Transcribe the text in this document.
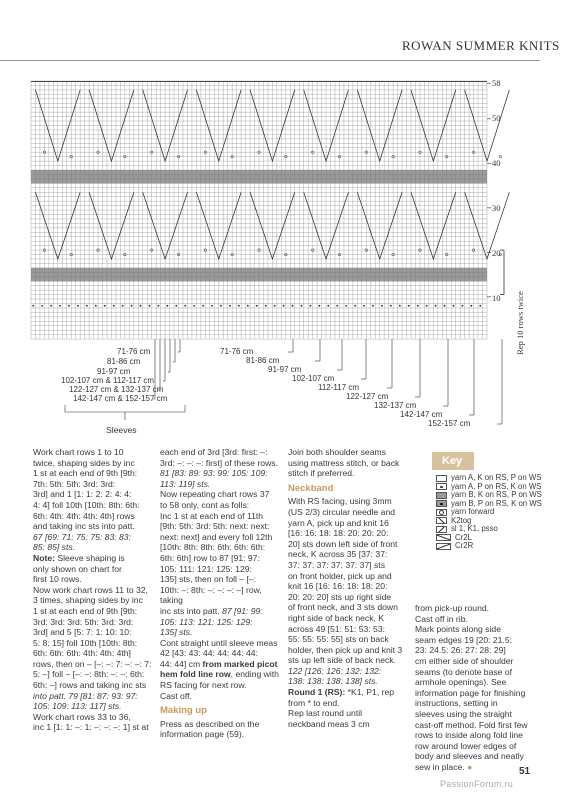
ROWAN SUMMER KNITS
58
50
40
30
20
10 Rep 10 rows twice
71-76 cm
81-86 cm
91-97 cm
102-107 cm & 112-117 cm
122-127 cm & 132-137 cm
142-147 cm & 152-157 cm
Sleeves
71-76 cm
81-86 cm
91-97 cm
102-107 cm
112-117 cm
122-127 cm
132-137 cm
142-147 cm
152-157 cm

Work chart rows 1 to 10

twice, shaping sides by inc

1 st at each end of 9th [9th:

7th: 5th: 5th: 3rd: 3rd:

3rd] and 1 [1: 1: 2: 2: 4: 4:

4: 4] foll 10th [10th: 8th: 6th:

6th: 4th: 4th: 4th: 4th] rows

and taking inc sts into patt.

67 [69: 71: 75: 75: 83: 83:

85: 85] sts.

Note: Sleeve shaping is

only shown on chart for

first 10 rows.

Now work chart rows 11 to 32,

3 times, shaping sides by inc

1 st at each end of 9th [9th:

3rd: 3rd: 3rd: 5th: 3rd: 3rd:

3rd] and 5 [5: 7: 1: 10: 10:

5: 8: 15] foll 10th [10th: 8th:

6th: 6th: 6th: 4th: 4th: 4th]

rows, then on – [–: –: 7: –: –: 7:

5: –] foll – [–: –: 8th: –: –: 6th:

6th: –] rows and taking inc sts

into patt. 79 [81: 87: 93: 97:

105: 109: 113: 117] sts.

Work chart rows 33 to 36,

inc 1 [1: 1: –: 1: –: –: –: 1] st at

each end of 3rd [3rd: first: –:

3rd: –: –: –: first] of these rows.

81 [83: 89: 93: 99: 105: 109:

113: 119] sts.

Now repeating chart rows 37

to 58 only, cont as folls:

Inc 1 st at each end of 11th

[9th: 5th: 3rd: 5th: next: next:

next: next] and every foll 12th

[10th: 8th: 8th: 6th: 6th: 6th:

6th: 6th] row to 87 [91: 97:

105: 111: 121: 125: 129:

135] sts, then on foll – [–:

10th: –: 8th: –: –: –: –] row, taking

inc sts into patt. 87 [91: 99:

105: 113: 121: 125: 129:

135] sts.

Cont straight until sleeve meas

42 [43: 43: 44: 44: 44: 44:

44: 44] cm from marked picot

hem fold line row, ending with

RS facing for next row.

Cast off.

Making up

Press as described on the

information page (59).

Join both shoulder seams

using mattress stitch, or back

stitch if preferred.

Neckband

With RS facing, using 3mm

(US 2/3) circular needle and

yarn A, pick up and knit 16

[16: 16: 18: 18: 20: 20: 20:

20] sts down left side of front

neck, K across 35 [37: 37:

37: 37: 37: 37: 37: 37] sts

on front holder, pick up and

knit 16 [16: 16: 18: 18: 20:

20: 20: 20] sts up right side

of front neck, and 3 sts down

right side of back neck, K

across 49 [51: 51: 53: 53:

55: 55: 55: 55] sts on back

holder, then pick up and knit 3

sts up left side of back neck.

122 [126: 126: 132: 132:

138: 138: 138: 138] sts.

Round 1 (RS): *K1, P1, rep

from * to end.

Rep last round until

neckband meas 3 cm

Key
yarn A, K on RS, P on WS
yarn A, P on RS, K on WS
yarn B, K on RS, P on WS
yarn B, P on RS, K on WS
yarn forward
K2tog
sl 1, K1, psso
Cr2L
Cr2R

from pick-up round.

Cast off in rib.

Mark points along side

seam edges 19 [20: 21.5:

23: 24.5: 26: 27: 28: 29]

cm either side of shoulder

seams (to denote base of

armhole openings). See

information page for finishing

instructions, setting in

sleeves using the straight

cast-off method. Fold first few

rows to inside along fold line

row around lower edges of

body and sleeves and neatly

sew in place. ●	51
PassionForum.ru
